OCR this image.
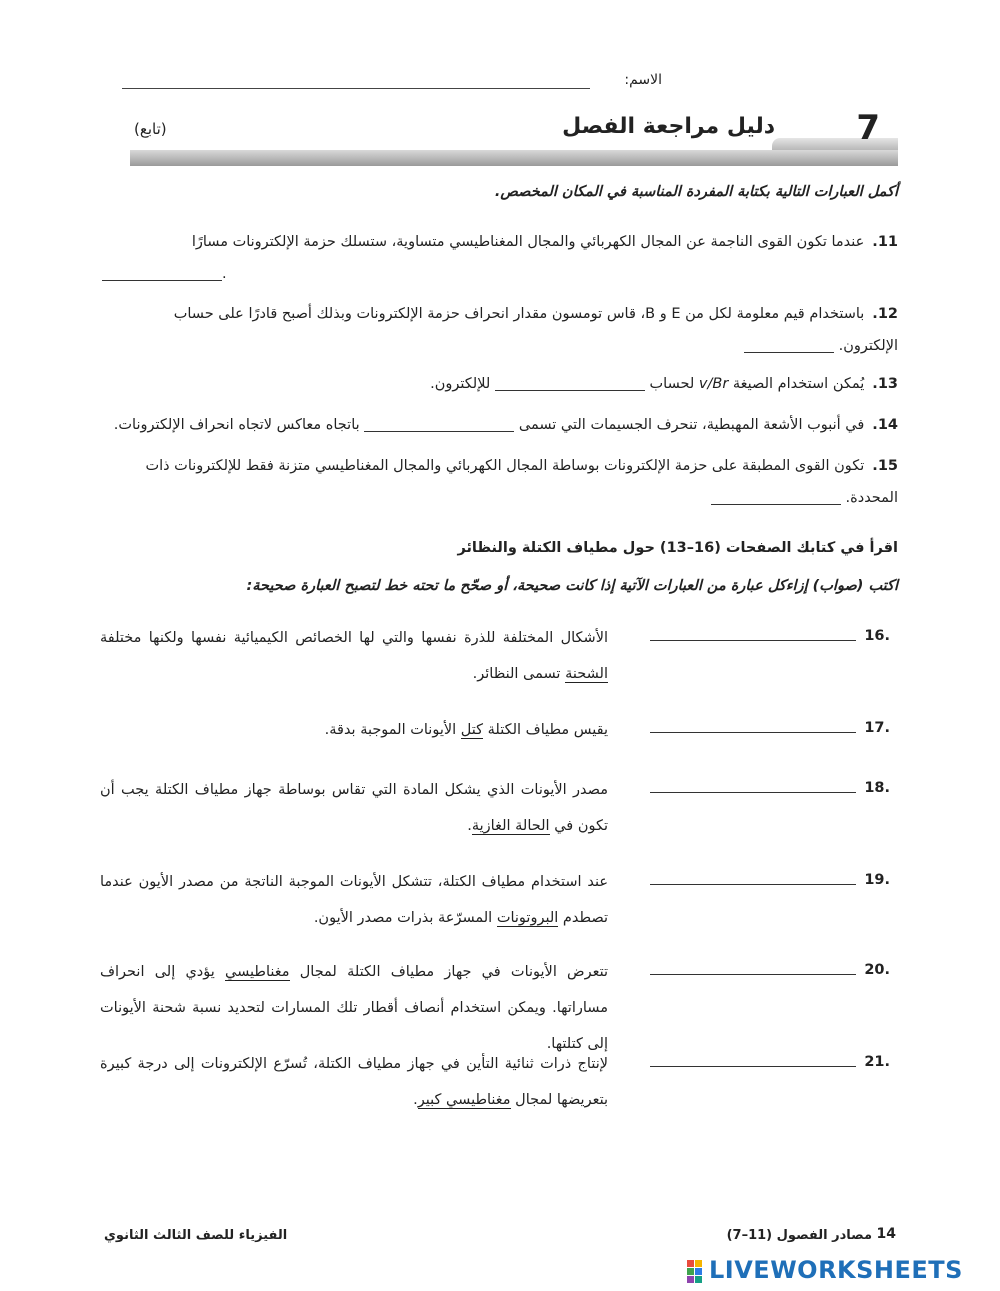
الاسم:
7
دليل مراجعة الفصل
(تابع)
أكمل العبارات التالية بكتابة المفردة المناسبة في المكان المخصص.
11.عندما تكون القوى الناجمة عن المجال الكهربائي والمجال المغناطيسي متساوية، ستسلك حزمة الإلكترونات مسارًا
.
12.باستخدام قيم معلومة لكل من E و B، قاس تومسون مقدار انحراف حزمة الإلكترونات وبذلك أصبح قادرًا على حساب
الإلكترون.
13.يُمكن استخدام الصيغة v/Br لحساب  للإلكترون.
14.في أنبوب الأشعة المهبطية، تنحرف الجسيمات التي تسمى  باتجاه معاكس لاتجاه انحراف الإلكترونات.
15.تكون القوى المطبقة على حزمة الإلكترونات بوساطة المجال الكهربائي والمجال المغناطيسي متزنة فقط للإلكترونات ذات
المحددة.
اقرأ في كتابك الصفحات (16–13) حول مطياف الكتلة والنظائر
اكتب (صواب) إزاءكل عبارة من العبارات الآتية إذا كانت صحيحة، أو صحّح ما تحته خط لتصبح العبارة صحيحة:
16.
الأشكال المختلفة للذرة نفسها والتي لها الخصائص الكيميائية نفسها ولكنها مختلفة الشحنة تسمى النظائر.
17.
يقيس مطياف الكتلة كتل الأيونات الموجبة بدقة.
18.
مصدر الأيونات الذي يشكل المادة التي تقاس بوساطة جهاز مطياف الكتلة يجب أن تكون في الحالة الغازية.
19.
عند استخدام مطياف الكتلة، تتشكل الأيونات الموجبة الناتجة من مصدر الأيون عندما تصطدم البروتونات المسرّعة بذرات مصدر الأيون.
20.
تتعرض الأيونات في جهاز مطياف الكتلة لمجال مغناطيسي يؤدي إلى انحراف مساراتها. ويمكن استخدام أنصاف أقطار تلك المسارات لتحديد نسبة شحنة الأيونات إلى كتلتها.
21.
لإنتاج ذرات ثنائية التأين في جهاز مطياف الكتلة، تُسرّع الإلكترونات إلى درجة كبيرة بتعريضها لمجال مغناطيسي كبير.
الفيزياء للصف الثالث الثانوي	14
مصادر الفصول (11–7)
LIVEWORKSHEETS
